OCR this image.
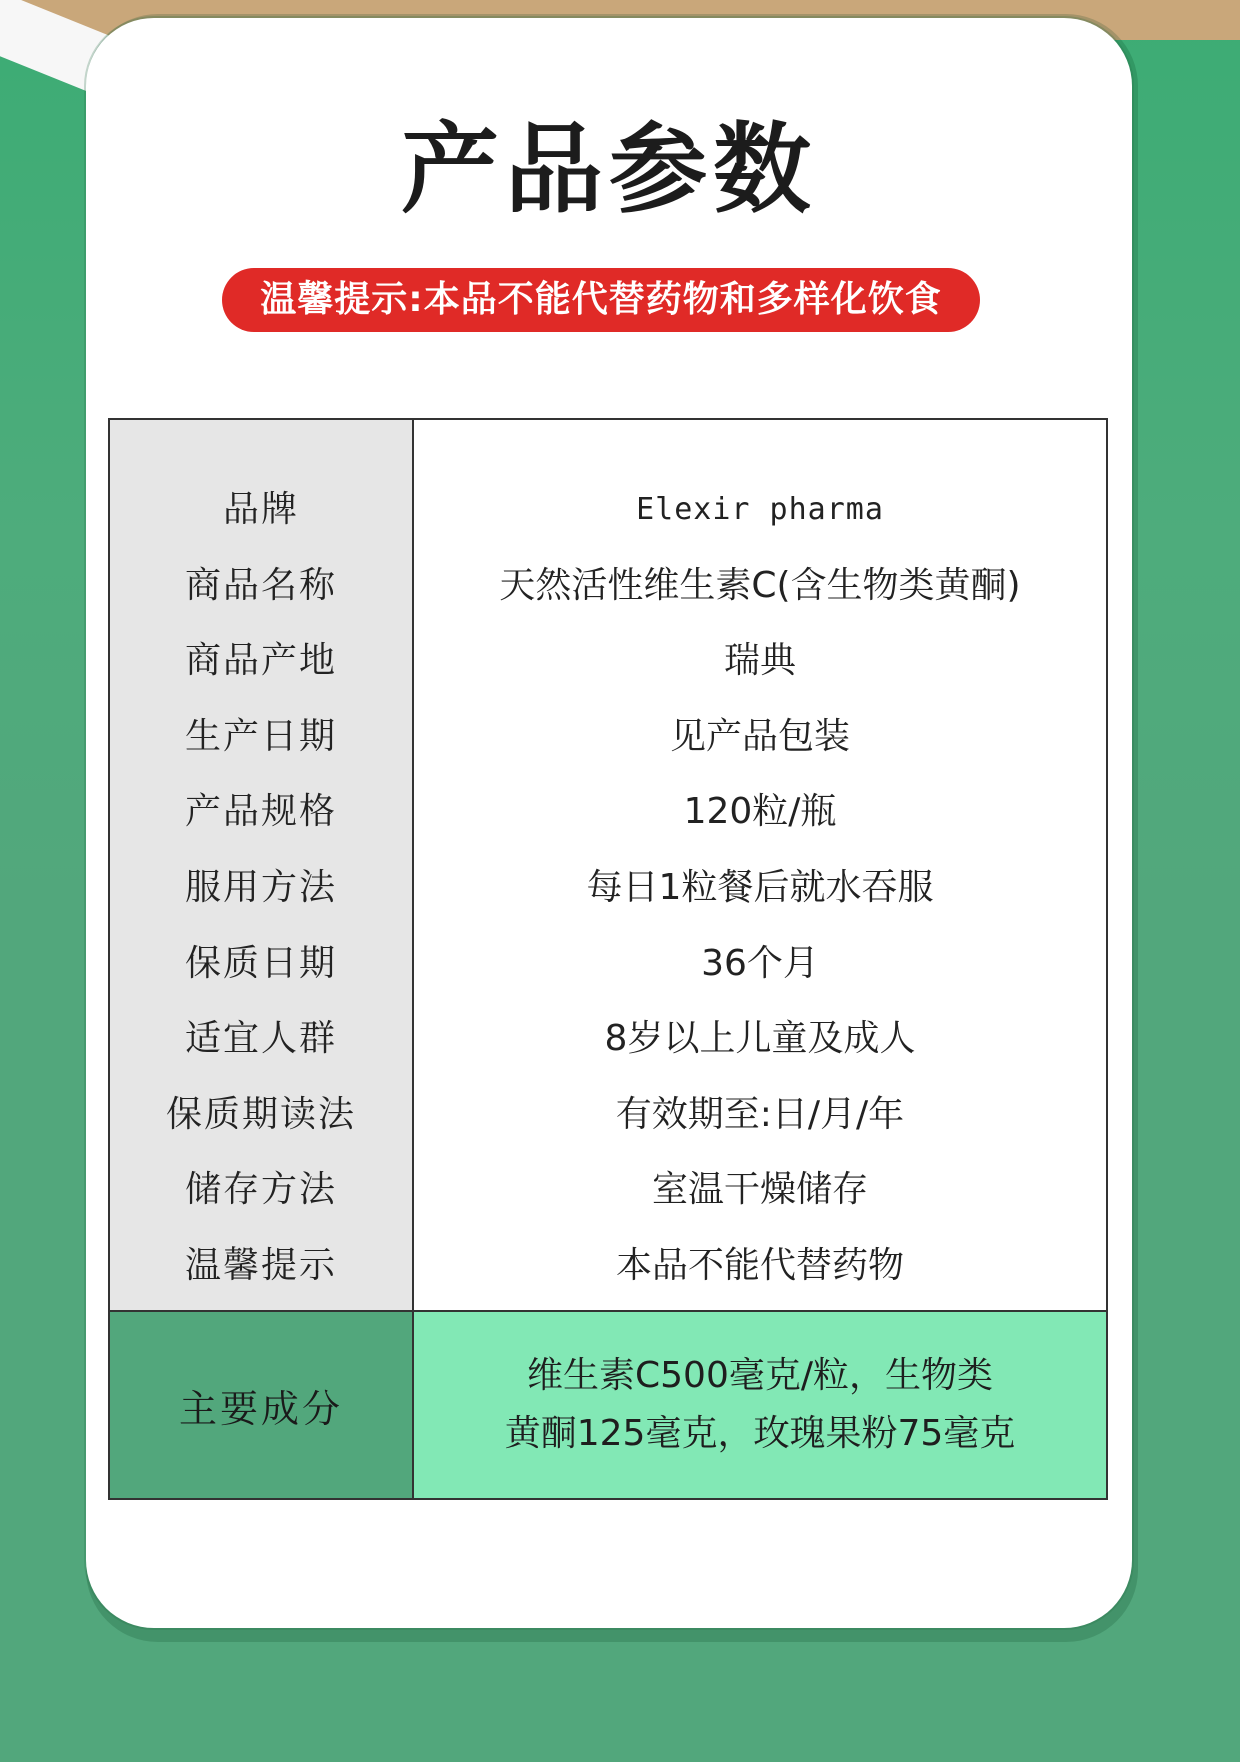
产品参数
温馨提示:本品不能代替药物和多样化饮食
品牌
商品名称
商品产地
生产日期
产品规格
服用方法
保质日期
适宜人群
保质期读法
储存方法
温馨提示
Elexir pharma
天然活性维生素C(含生物类黄酮)
瑞典
见产品包装
120粒/瓶
每日1粒餐后就水吞服
36个月
8岁以上儿童及成人
有效期至:日/月/年
室温干燥储存
本品不能代替药物
主要成分
维生素C500毫克/粒，生物类
黄酮125毫克，玫瑰果粉75毫克
